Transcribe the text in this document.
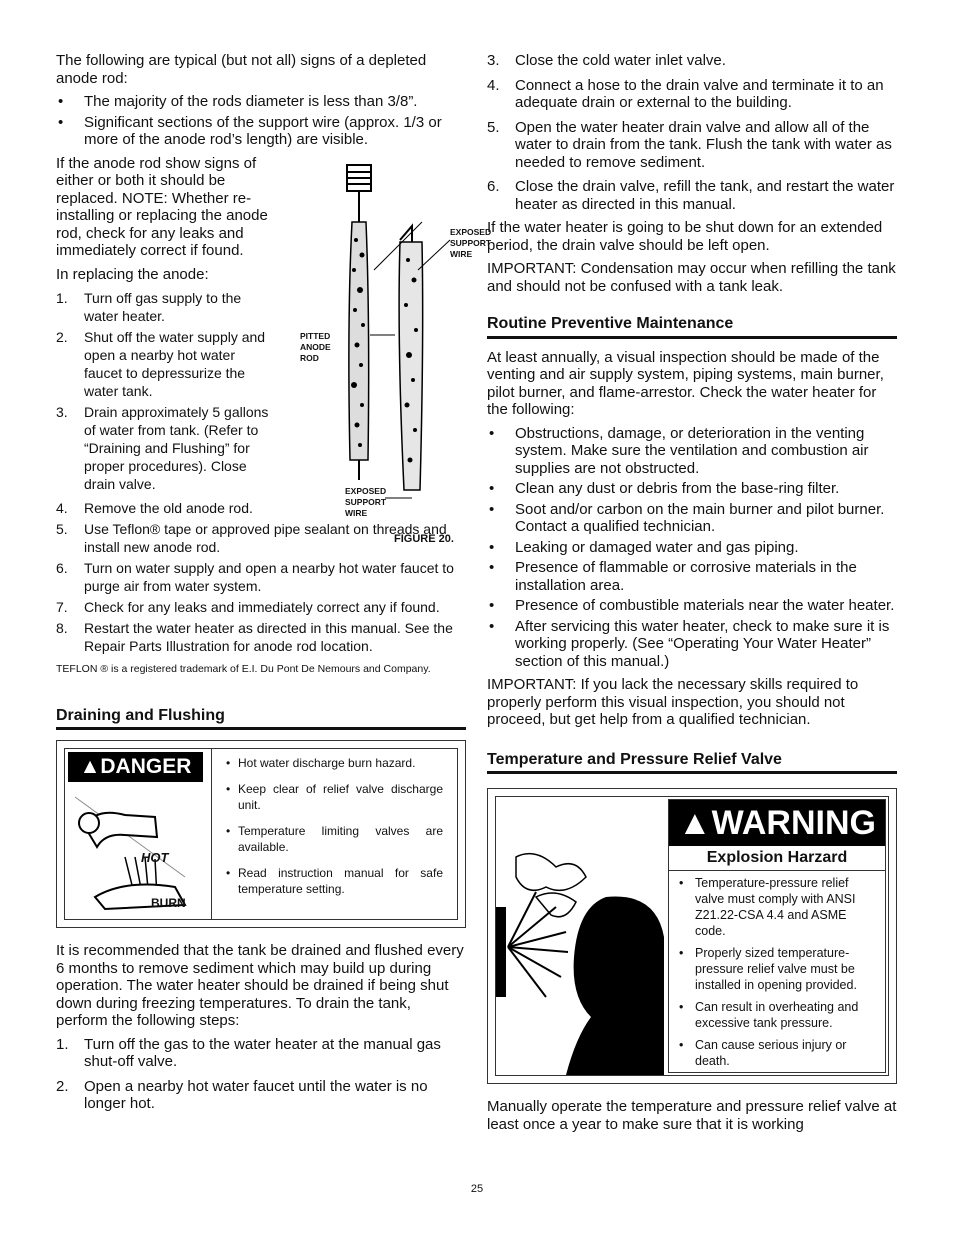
The following are typical (but not all) signs of a depleted anode rod:

• The majority of the rods diameter is less than 3/8”.
• Significant sections of the support wire (approx. 1/3 or more of the anode rod’s length) are visible.

If the anode rod show signs of either or both it should be replaced. NOTE: Whether re-installing or replacing the anode rod, check for any leaks and immediately correct if found.

In replacing the anode:

1. Turn off gas supply to the water heater.
2. Shut off the water supply and open a nearby hot water faucet to depressurize the water tank.
3. Drain approximately 5 gallons of water from tank. (Refer to “Draining and Flushing” for proper procedures). Close drain valve.
4. Remove the old anode rod.
5. Use Teflon® tape or approved pipe sealant on threads and install new anode rod.
6. Turn on water supply and open a nearby hot water faucet to purge air from water system.
7. Check for any leaks and immediately correct any if found.
8. Restart the water heater as directed in this manual. See the Repair Parts Illustration for anode rod location.
TEFLON ® is a registered trademark of E.I. Du Pont De Nemours and Company.
EXPOSED SUPPORT WIRE
PITTED ANODE ROD
EXPOSED SUPPORT WIRE
FIGURE 20.
Draining and Flushing
▲DANGER
HOT
BURN
• Hot water discharge burn hazard.
• Keep clear of relief valve discharge unit.
• Temperature limiting valves are available.
• Read instruction manual for safe temperature setting.

It is recommended that the tank be drained and flushed every 6 months to remove sediment which may build up during operation. The water heater should be drained if being shut down during freezing temperatures. To drain the tank, perform the following steps:

1. Turn off the gas to the water heater at the manual gas shut-off valve.
2. Open a nearby hot water faucet until the water is no longer hot.
3. Close the cold water inlet valve.
4. Connect a hose to the drain valve and terminate it to an adequate drain or external to the building.
5. Open the water heater drain valve and allow all of the water to drain from the tank. Flush the tank with water as needed to remove sediment.
6. Close the drain valve, refill the tank, and restart the water heater as directed in this manual.

If the water heater is going to be shut down for an extended period, the drain valve should be left open.

IMPORTANT: Condensation may occur when refilling the tank and should not be confused with a tank leak.

Routine Preventive Maintenance

At least annually, a visual inspection should be made of the venting and air supply system, piping systems, main burner, pilot burner, and flame-arrestor. Check the water heater for the following:

• Obstructions, damage, or deterioration in the venting system. Make sure the ventilation and combustion air supplies are not obstructed.
• Clean any dust or debris from the base-ring filter.
• Soot and/or carbon on the main burner and pilot burner. Contact a qualified technician.
• Leaking or damaged water and gas piping.
• Presence of flammable or corrosive materials in the installation area.
• Presence of combustible materials near the water heater.
• After servicing this water heater, check to make sure it is working properly. (See “Operating Your Water Heater” section of this manual.)

IMPORTANT: If you lack the necessary skills required to properly perform this visual inspection, you should not proceed, but get help from a qualified technician.

Temperature and Pressure Relief Valve
▲WARNING
Explosion Harzard
• Temperature-pressure relief valve must comply with ANSI Z21.22-CSA 4.4 and ASME code.
• Properly sized temperature-pressure relief valve must be installed in opening provided.
• Can result in overheating and excessive tank pressure.
• Can cause serious injury or death.

Manually operate the temperature and pressure relief valve at least once a year to make sure that it is working

25
